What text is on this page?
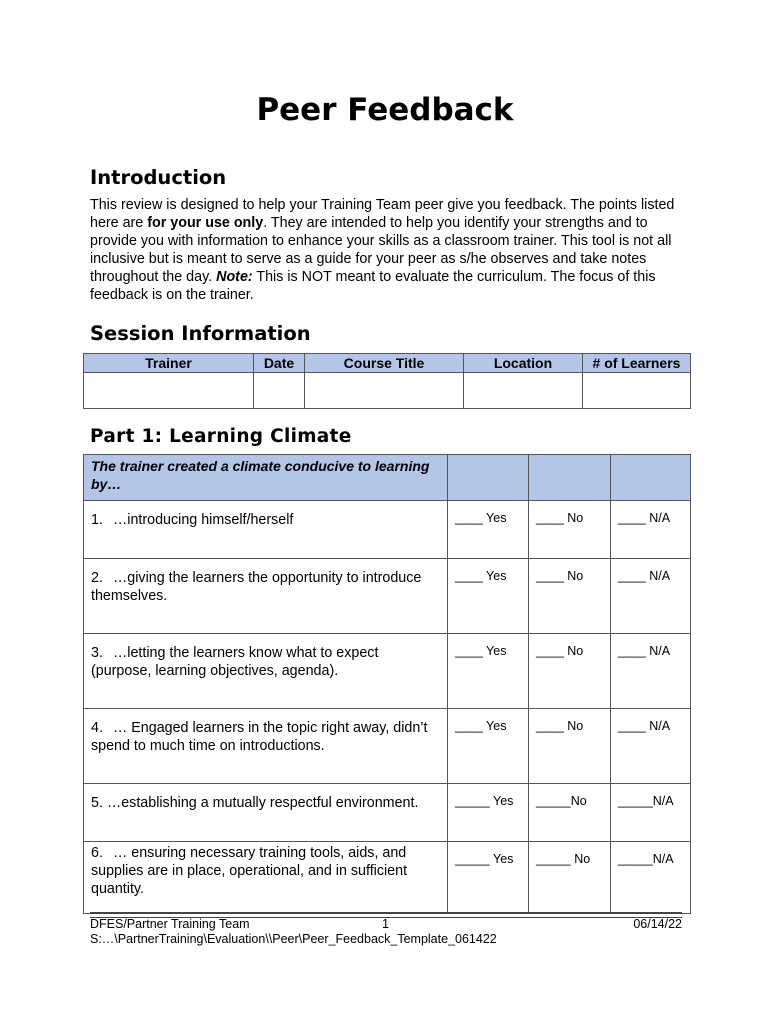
Peer Feedback
Introduction
This review is designed to help your Training Team peer give you feedback. The points listed here are for your use only. They are intended to help you identify your strengths and to provide you with information to enhance your skills as a classroom trainer. This tool is not all inclusive but is meant to serve as a guide for your peer as s/he observes and take notes throughout the day. Note: This is NOT meant to evaluate the curriculum. The focus of this feedback is on the trainer.
Session Information
Trainer	Date	Course Title	Location	# of Learners

Part 1: Learning Climate
The trainer created a climate conducive to learning by…			

1. …introducing himself/herself	____ Yes	____ No	____ N/A

2. …giving the learners the opportunity to introduce themselves.	____ Yes	____ No	____ N/A

3. …letting the learners know what to expect (purpose, learning objectives, agenda).	____ Yes	____ No	____ N/A

4. … Engaged learners in the topic right away, didn’t spend to much time on introductions.	____ Yes	____ No	____ N/A

5. …establishing a mutually respectful environment.	_____ Yes	_____No	_____N/A

6. … ensuring necessary training tools, aids, and supplies are in place, operational, and in sufficient quantity.	_____ Yes	_____ No	_____N/A
DFES/Partner Training Team	1	06/14/22
S:…\PartnerTraining\Evaluation\\Peer\Peer_Feedback_Template_061422
